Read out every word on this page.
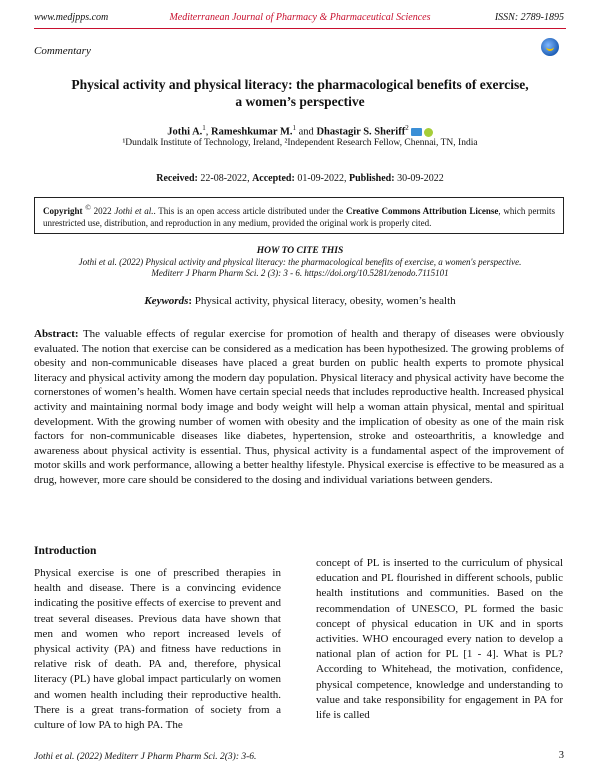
www.medjpps.com	Mediterranean Journal of Pharmacy & Pharmaceutical Sciences	ISSN: 2789-1895
Commentary
Physical activity and physical literacy: the pharmacological benefits of exercise,
a women’s perspective
Jothi A.$^1$, Rameshkumar M.$^1$ and Dhastagir S. Sheriff$^2$
¹Dundalk Institute of Technology, Ireland, ²Independent Research Fellow, Chennai, TN, India
Received: 22-08-2022, Accepted: 01-09-2022, Published: 30-09-2022
Copyright © 2022 Jothi et al.. This is an open access article distributed under the Creative Commons Attribution License, which permits unrestricted use, distribution, and reproduction in any medium, provided the original work is properly cited.
HOW TO CITE THIS
Jothi et al. (2022) Physical activity and physical literacy: the pharmacological benefits of exercise, a women's perspective.
Mediterr J Pharm Pharm Sci. 2 (3): 3 - 6. https://doi.org/10.5281/zenodo.7115101
Keywords: Physical activity, physical literacy, obesity, women’s health
Abstract: The valuable effects of regular exercise for promotion of health and therapy of diseases were obviously evaluated. The notion that exercise can be considered as a medication has been hypothesized. The growing problems of obesity and non-communicable diseases have placed a great burden on public health experts to promote physical literacy and physical activity among the modern day population. Physical literacy and physical activity have become the cornerstones of women’s health. Women have certain special needs that includes reproductive health. Increased physical activity and maintaining normal body image and body weight will help a woman attain physical, mental and spiritual development. With the growing number of women with obesity and the implication of obesity as one of the main risk factors for non-communicable diseases like diabetes, hypertension, stroke and osteoarthritis, a knowledge and awareness about physical activity is essential. Thus, physical activity is a fundamental aspect of the improvement of motor skills and work performance, allowing a better healthy lifestyle. Physical exercise is effective to be measured as a drug, however, more care should be considered to the dosing and individual variations between genders.
Introduction
Physical exercise is one of prescribed therapies in health and disease. There is a convincing evidence indicating the positive effects of exercise to prevent and treat several diseases. Previous data have shown that men and women who report increased levels of physical activity (PA) and fitness have reductions in relative risk of death. PA and, therefore, physical literacy (PL) have global impact particularly on women and women health including their reproductive health. There is a great trans-formation of society from a culture of low PA to high PA. The
concept of PL is inserted to the curriculum of physical education and PL flourished in different schools, public health institutions and communities. Based on the recommendation of UNESCO, PL formed the basic concept of physical education in UK and in sports activities. WHO encouraged every nation to develop a national plan of action for PL [1 - 4]. What is PL? According to Whitehead, the motivation, confidence, physical competence, knowledge and understanding to value and take responsibility for engagement in PA for life is called
Jothi et al. (2022) Mediterr J Pharm Pharm Sci. 2(3): 3-6.	3
